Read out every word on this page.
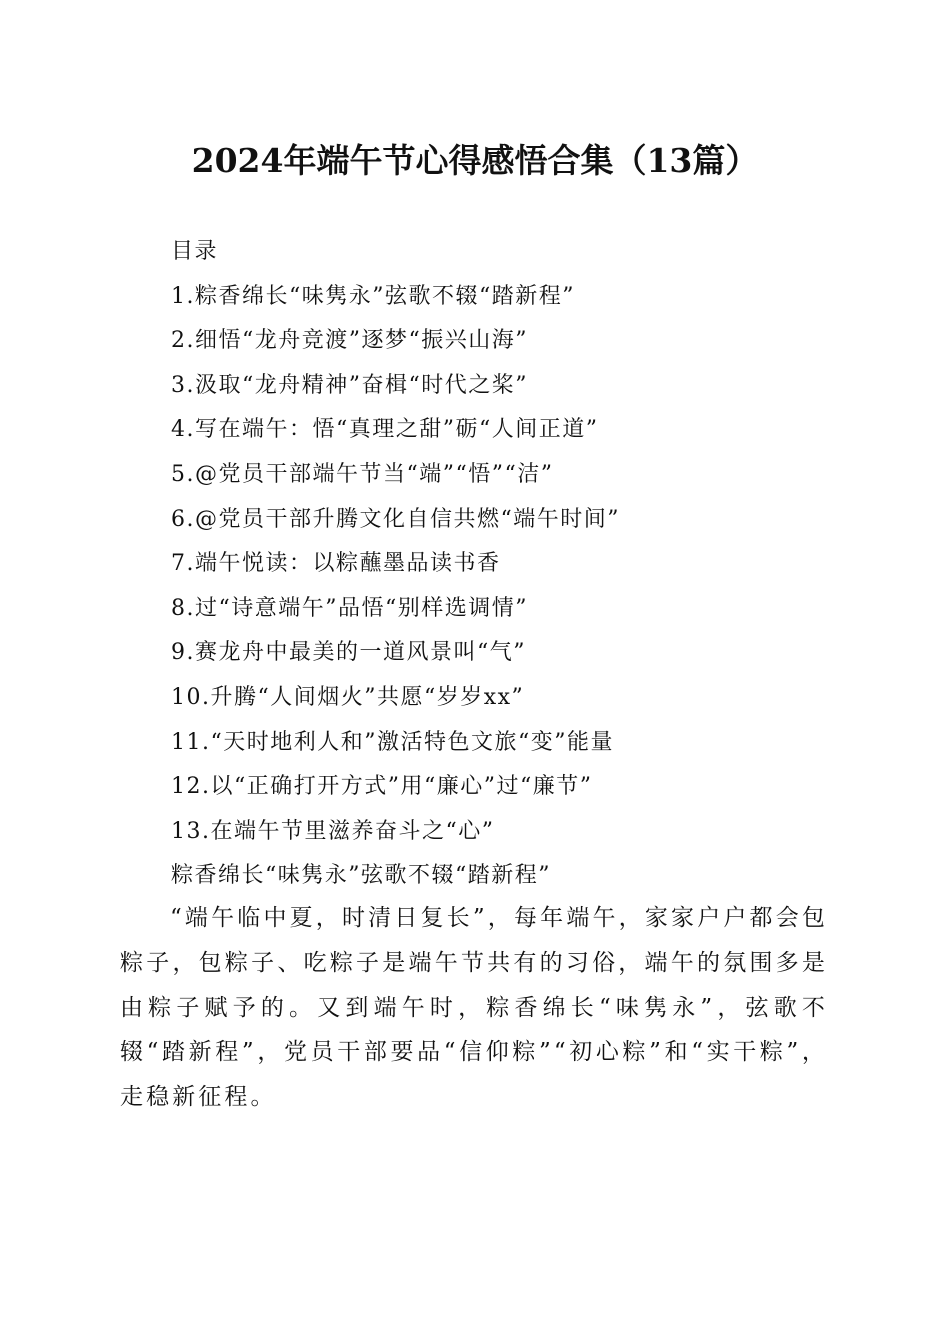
2024年端午节心得感悟合集（13篇）
目录
1.粽香绵长“味隽永”弦歌不辍“踏新程”
2.细悟“龙舟竞渡”逐梦“振兴山海”
3.汲取“龙舟精神”奋楫“时代之桨”
4.写在端午：悟“真理之甜”砺“人间正道”
5.@党员干部端午节当“端”“悟”“洁”
6.@党员干部升腾文化自信共燃“端午时间”
7.端午悦读：以粽蘸墨品读书香
8.过“诗意端午”品悟“别样选调情”
9.赛龙舟中最美的一道风景叫“气”
10.升腾“人间烟火”共愿“岁岁xx”
11.“天时地利人和”激活特色文旅“变”能量
12.以“正确打开方式”用“廉心”过“廉节”
13.在端午节里滋养奋斗之“心”
粽香绵长“味隽永”弦歌不辍“踏新程”

“端午临中夏，时清日复长”，每年端午，家家户户都会包粽子，包粽子、吃粽子是端午节共有的习俗，端午的氛围多是由粽子赋予的。又到端午时，粽香绵长“味隽永”，弦歌不辍“踏新程”，党员干部要品“信仰粽”“初心粽”和“实干粽”，走稳新征程。
